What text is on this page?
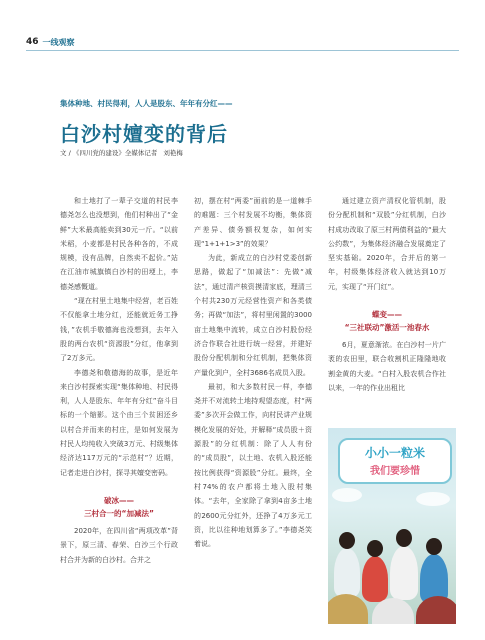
46 一线观察
集体种地、村民得利，人人是股东、年年有分红——
白沙村嬗变的背后
文 / 《四川党的建设》全媒体记者 刘艳梅

和土地打了一辈子交道的村民李德尧怎么也没想到，他们村种出了“金鲜”大米最高能卖到30元一斤。“以前米稻，小麦都是村民各种各的，不成规模，没有品牌，自然卖不起价。”站在江油市城旗镇白沙村的田埂上，李德尧感慨道。

“现在村里土地集中经营，老百姓不仅能拿土地分红，还能就近务工挣钱，”农机手敬德海也没想到，去年入股的两台农机“资源股”分红，他拿到了2万多元。

李德尧和敬德海的故事，是近年来白沙村探索实现“集体种地、村民得利，人人是股东、年年有分红”奋斗目标的一个缩影。这个由三个贫困还乡以村合并而来的村庄，是如何发展为村民人均纯收入突破3万元、村级集体经济达117万元的“示范村”？近期，记者走进白沙村，探寻其嬗变密码。

破冰——
三村合一的“加减法”

2020年，在四川省“两项改革”背景下，原三清、春荣、白沙三个行政村合并为新的白沙村。合并之

初，摆在村“两委”面前的是一道棘手的难题：三个村发展不均衡，集体资产差异、债务额权复杂，如何实现“1+1+1>3”的效果？

为此，新成立的白沙村党委创新思路，做起了“加减法”：先做“减法”，通过清产核资摸清家底，理清三个村共230万元经营性资产和各类债务；再做“加法”，将村里闲置的3000亩土地集中流转，成立白沙村股份经济合作联合社进行统一经营，并建好股份分配机制和分红机制，把集体资产量化到户，全村3686名成员入股。

最初，和大多数村民一样，李德尧并不对流转土地持观望态度，村“两委”多次开会做工作，向村民讲产业规模化发展的好处，并解释“成员股＋资源股”的分红机制：除了人人有份的“成员股”，以土地、农机入股还能按比例获得“资源股”分红。最终，全村74%的农户都将土地入股村集体。“去年，全家除了拿到4亩多土地的2600元分红外，还挣了4万多元工资，比以往种地划算多了。”李德尧笑着说。

通过建立资产清权化管机制，股份分配机制和“双股”分红机制，白沙村成功改取了原三村两债利益的“最大公约数”，为集体经济融合发展奠定了坚实基础。2020年，合并后的第一年，村级集体经济收入就达到10万元，实现了“开门红”。

蝶变——
“三社联动”激活一池春水

6月，夏意渐浓。在白沙村一片广袤的农田里，联合收割机正隆隆地收割金黄的大麦。“白村入股农机合作社以来，一年的作业出租比

小小一粒米
我们要珍惜
